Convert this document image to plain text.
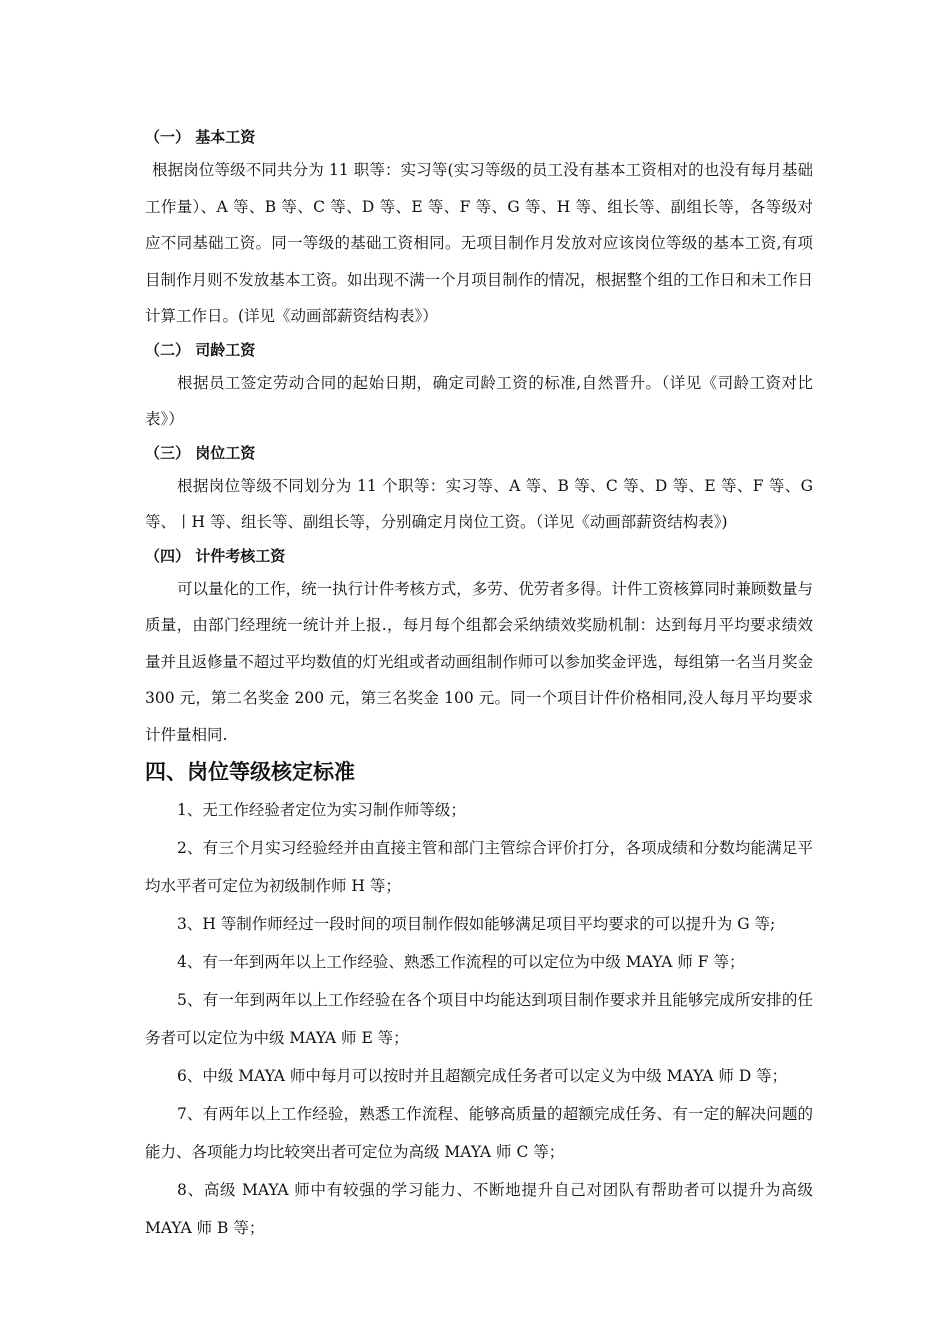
（一） 基本工资

根据岗位等级不同共分为 11 职等：实习等(实习等级的员工没有基本工资相对的也没有每月基础工作量）、A 等、B 等、C 等、D 等、E 等、F 等、G 等、H 等、组长等、副组长等，各等级对应不同基础工资。同一等级的基础工资相同。无项目制作月发放对应该岗位等级的基本工资,有项目制作月则不发放基本工资。如出现不满一个月项目制作的情况，根据整个组的工作日和未工作日计算工作日。(详见《动画部薪资结构表》）

（二） 司龄工资

根据员工签定劳动合同的起始日期，确定司龄工资的标准,自然晋升。（详见《司龄工资对比表》）

（三） 岗位工资

根据岗位等级不同划分为 11 个职等：实习等、A 等、B 等、C 等、D 等、E 等、F 等、G 等、丨H 等、组长等、副组长等，分别确定月岗位工资。（详见《动画部薪资结构表》)

（四） 计件考核工资

可以量化的工作，统一执行计件考核方式，多劳、优劳者多得。计件工资核算同时兼顾数量与质量，由部门经理统一统计并上报.，每月每个组都会采纳绩效奖励机制：达到每月平均要求绩效量并且返修量不超过平均数值的灯光组或者动画组制作师可以参加奖金评选，每组第一名当月奖金 300 元，第二名奖金 200 元，第三名奖金 100 元。同一个项目计件价格相同,没人每月平均要求计件量相同.

四、岗位等级核定标准

1、无工作经验者定位为实习制作师等级；

2、有三个月实习经验经并由直接主管和部门主管综合评价打分，各项成绩和分数均能满足平均水平者可定位为初级制作师 H 等；

3、H 等制作师经过一段时间的项目制作假如能够满足项目平均要求的可以提升为 G 等;

4、有一年到两年以上工作经验、熟悉工作流程的可以定位为中级 MAYA 师 F 等；

5、有一年到两年以上工作经验在各个项目中均能达到项目制作要求并且能够完成所安排的任务者可以定位为中级 MAYA 师 E 等；

6、中级 MAYA 师中每月可以按时并且超额完成任务者可以定义为中级 MAYA 师 D 等；

7、有两年以上工作经验，熟悉工作流程、能够高质量的超额完成任务、有一定的解决问题的能力、各项能力均比较突出者可定位为高级 MAYA 师 C 等；

8、高级 MAYA 师中有较强的学习能力、不断地提升自己对团队有帮助者可以提升为高级 MAYA 师 B 等；
